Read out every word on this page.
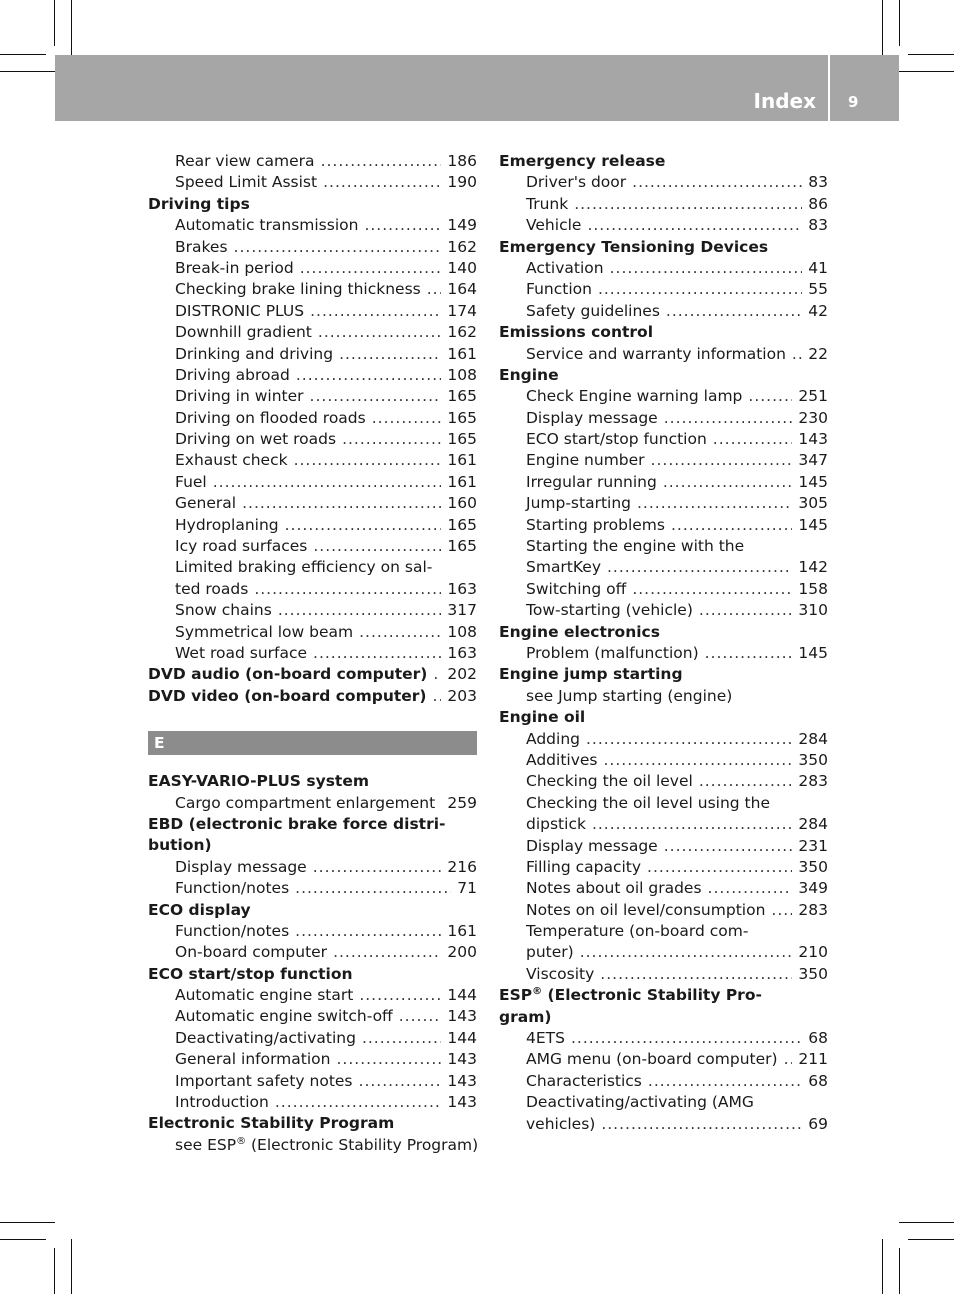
Index 9
Rear view camera .....	186
Speed Limit Assist .....	190
Driving tips
Automatic transmission .....	149
Brakes .....	162
Break-in period .....	140
Checking brake lining thickness ..... 164
DISTRONIC PLUS .....	174
Downhill gradient .....	162
Drinking and driving .....	161
Driving abroad .....	108
Driving in winter .....	165
Driving on flooded roads .....	165
Driving on wet roads .....	165
Exhaust check .....	161
Fuel .....	161
General .....	160
Hydroplaning .....	165
Icy road surfaces .....	165
Limited braking efficiency on sal-
ted roads .....	163
Snow chains .....	317
Symmetrical low beam .....	108
Wet road surface .....	163
DVD audio (on-board computer) ..... 202
DVD video (on-board computer) ..... 203
E
EASY-VARIO-PLUS system
Cargo compartment enlargement ..... 259
EBD (electronic brake force distri-
bution)
Display message .....	216
Function/notes .....	71
ECO display
Function/notes .....	161
On-board computer .....	200
ECO start/stop function
Automatic engine start .....	144
Automatic engine switch-off .....	143
Deactivating/activating .....	144
General information .....	143
Important safety notes .....	143
Introduction .....	143
Electronic Stability Program
see ESP® (Electronic Stability Program)
Emergency release
Driver's door .....	83
Trunk .....	86
Vehicle .....	83
Emergency Tensioning Devices
Activation .....	41
Function .....	55
Safety guidelines .....	42
Emissions control
Service and warranty information ..... 22
Engine
Check Engine warning lamp .....	251
Display message .....	230
ECO start/stop function .....	143
Engine number .....	347
Irregular running .....	145
Jump-starting .....	305
Starting problems .....	145
Starting the engine with the
SmartKey .....	142
Switching off .....	158
Tow-starting (vehicle) .....	310
Engine electronics
Problem (malfunction) .....	145
Engine jump starting
see Jump starting (engine)
Engine oil
Adding .....	284
Additives .....	350
Checking the oil level .....	283
Checking the oil level using the
dipstick .....	284
Display message .....	231
Filling capacity .....	350
Notes about oil grades .....	349
Notes on oil level/consumption ..... 283
Temperature (on-board com-
puter) .....	210
Viscosity .....	350
ESP® (Electronic Stability Pro-
gram)
4ETS .....	68
AMG menu (on-board computer) ..... 211
Characteristics .....	68
Deactivating/activating (AMG
vehicles) .....	69
